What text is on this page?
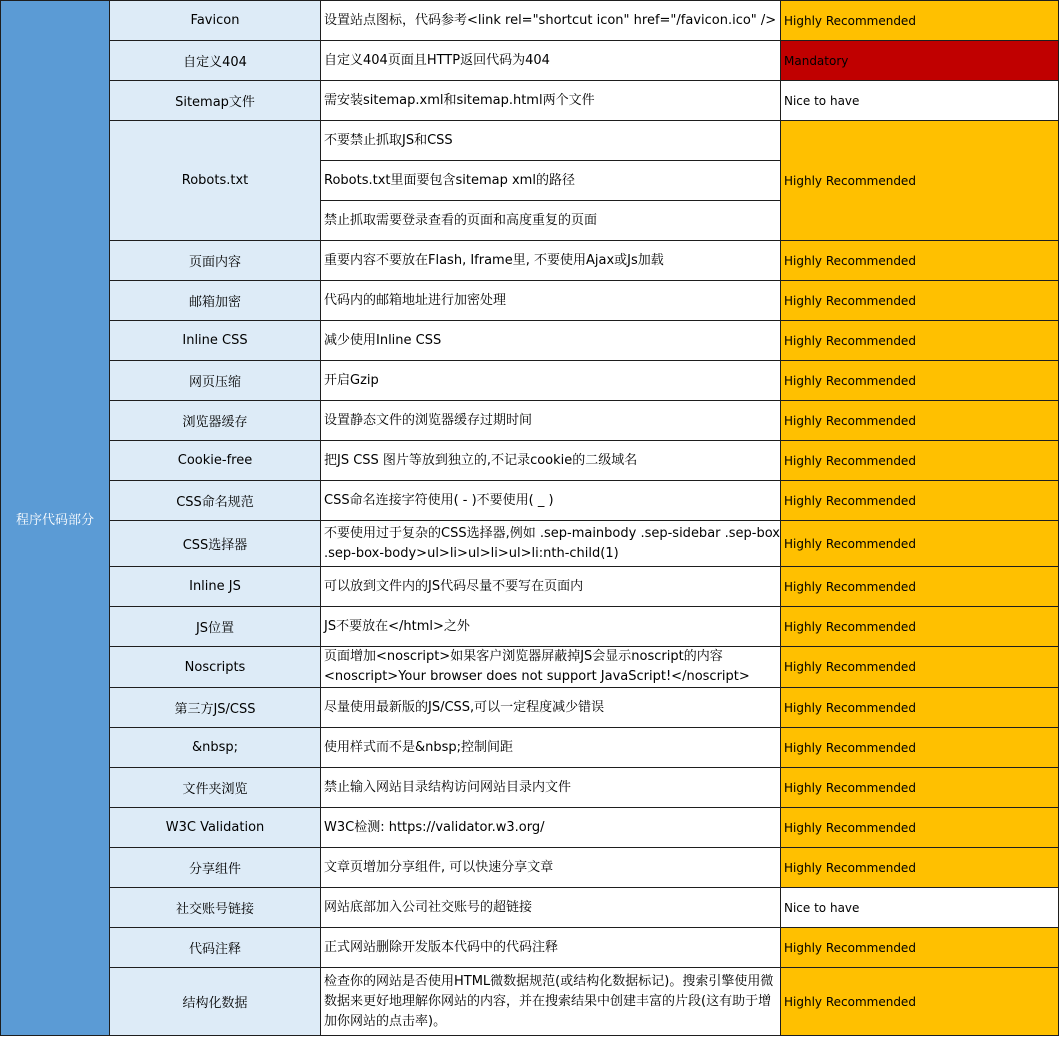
程序代码部分	Favicon	设置站点图标，代码参考<link rel="shortcut icon" href="/favicon.ico" />	Highly Recommended
	自定义404	自定义404页面且HTTP返回代码为404	Mandatory
	Sitemap文件	需安装sitemap.xml和sitemap.html两个文件	Nice to have
	Robots.txt	不要禁止抓取JS和CSS	Highly Recommended
		Robots.txt里面要包含sitemap xml的路径	
		禁止抓取需要登录查看的页面和高度重复的页面	
	页面内容	重要内容不要放在Flash, Iframe里, 不要使用Ajax或Js加载	Highly Recommended
	邮箱加密	代码内的邮箱地址进行加密处理	Highly Recommended
	Inline CSS	减少使用Inline CSS	Highly Recommended
	网页压缩	开启Gzip	Highly Recommended
	浏览器缓存	设置静态文件的浏览器缓存过期时间	Highly Recommended
	Cookie-free	把JS CSS 图片等放到独立的,不记录cookie的二级域名	Highly Recommended
	CSS命名规范	CSS命名连接字符使用( - )不要使用( _ )	Highly Recommended
	CSS选择器	不要使用过于复杂的CSS选择器,例如 .sep-mainbody .sep-sidebar .sep-box .sep-box-body>ul>li>ul>li>ul>li:nth-child(1)	Highly Recommended
	Inline JS	可以放到文件内的JS代码尽量不要写在页面内	Highly Recommended
	JS位置	JS不要放在</html>之外	Highly Recommended
	Noscripts	页面增加<noscript>如果客户浏览器屏蔽掉JS会显示noscript的内容 <noscript>Your browser does not support JavaScript!</noscript>	Highly Recommended
	第三方JS/CSS	尽量使用最新版的JS/CSS,可以一定程度减少错误	Highly Recommended
	&nbsp;	使用样式而不是&nbsp;控制间距	Highly Recommended
	文件夹浏览	禁止输入网站目录结构访问网站目录内文件	Highly Recommended
	W3C Validation	W3C检测: https://validator.w3.org/	Highly Recommended
	分享组件	文章页增加分享组件, 可以快速分享文章	Highly Recommended
	社交账号链接	网站底部加入公司社交账号的超链接	Nice to have
	代码注释	正式网站删除开发版本代码中的代码注释	Highly Recommended
	结构化数据	检查你的网站是否使用HTML微数据规范(或结构化数据标记)。搜索引擎使用微数据来更好地理解你网站的内容，并在搜索结果中创建丰富的片段(这有助于增加你网站的点击率)。	Highly Recommended
